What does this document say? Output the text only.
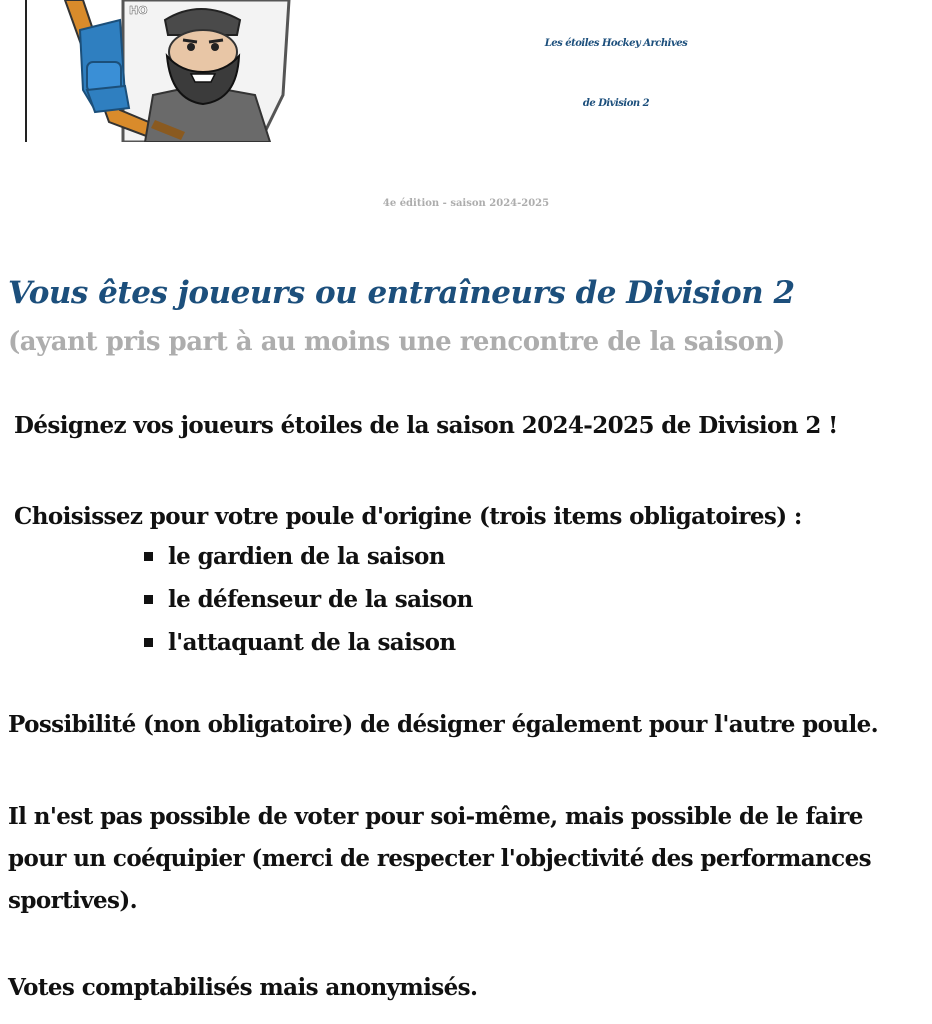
HO
Les étoiles Hockey Archives
de Division 2
4e édition - saison 2024-2025
Vous êtes joueurs ou entraîneurs de Division 2
(ayant pris part à au moins une rencontre de la saison)
Désignez vos joueurs étoiles de la saison 2024-2025 de Division 2 !
Choisissez pour votre poule d'origine (trois items obligatoires) :
le gardien de la saison
le défenseur de la saison
l'attaquant de la saison
Possibilité (non obligatoire) de désigner également pour l'autre poule.

Il n'est pas possible de voter pour soi-même, mais possible de le faire pour un coéquipier (merci de respecter l'objectivité des performances sportives).

Votes comptabilisés mais anonymisés.
